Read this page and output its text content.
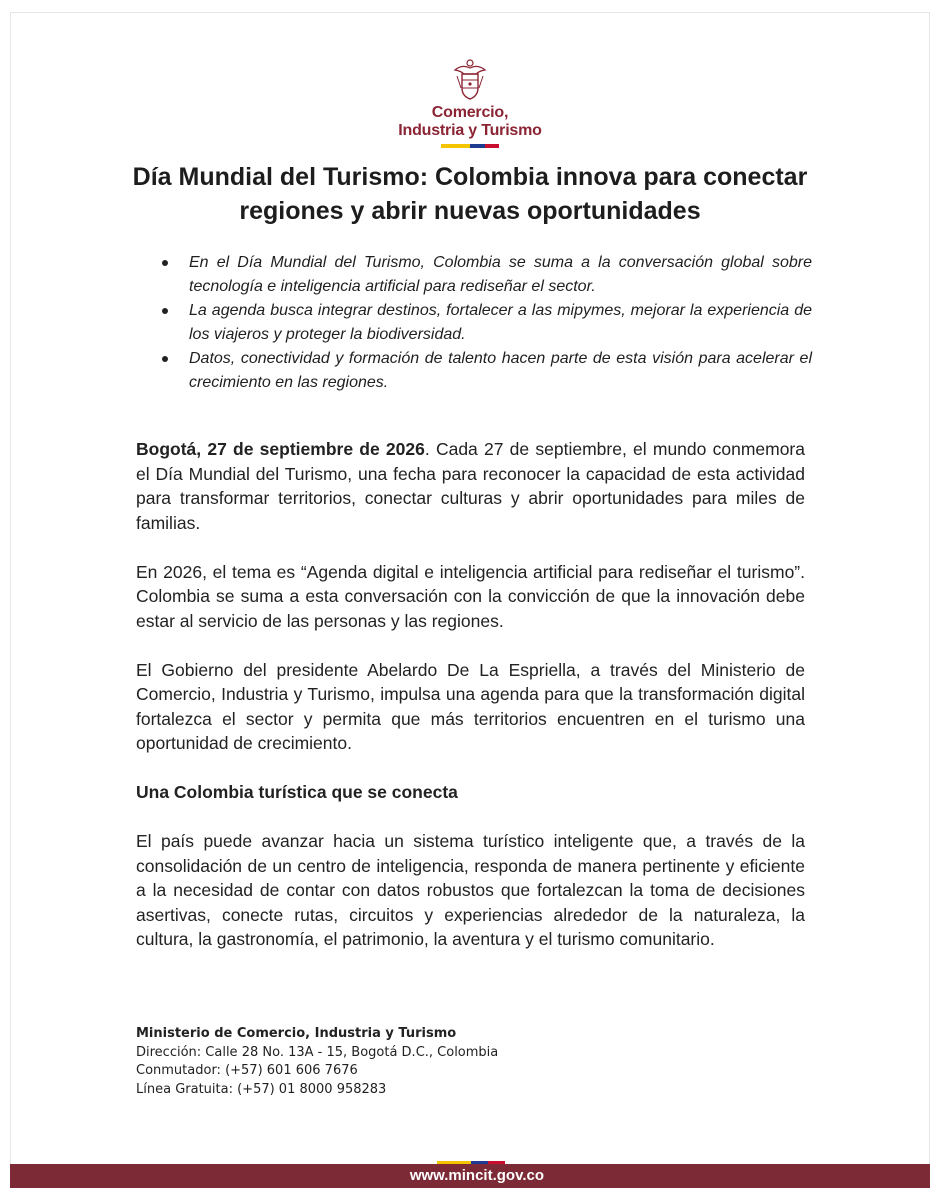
Comercio,
Industria y Turismo
Día Mundial del Turismo: Colombia innova para conectar regiones y abrir nuevas oportunidades
En el Día Mundial del Turismo, Colombia se suma a la conversación global sobre tecnología e inteligencia artificial para rediseñar el sector.
La agenda busca integrar destinos, fortalecer a las mipymes, mejorar la experiencia de los viajeros y proteger la biodiversidad.
Datos, conectividad y formación de talento hacen parte de esta visión para acelerar el crecimiento en las regiones.

Bogotá, 27 de septiembre de 2026. Cada 27 de septiembre, el mundo conmemora el Día Mundial del Turismo, una fecha para reconocer la capacidad de esta actividad para transformar territorios, conectar culturas y abrir oportunidades para miles de familias.

En 2026, el tema es “Agenda digital e inteligencia artificial para rediseñar el turismo”. Colombia se suma a esta conversación con la convicción de que la innovación debe estar al servicio de las personas y las regiones.

El Gobierno del presidente Abelardo De La Espriella, a través del Ministerio de Comercio, Industria y Turismo, impulsa una agenda para que la transformación digital fortalezca el sector y permita que más territorios encuentren en el turismo una oportunidad de crecimiento.

Una Colombia turística que se conecta

El país puede avanzar hacia un sistema turístico inteligente que, a través de la consolidación de un centro de inteligencia, responda de manera pertinente y eficiente a la necesidad de contar con datos robustos que fortalezcan la toma de decisiones asertivas, conecte rutas, circuitos y experiencias alrededor de la naturaleza, la cultura, la gastronomía, el patrimonio, la aventura y el turismo comunitario.

Ministerio de Comercio, Industria y Turismo
Dirección: Calle 28 No. 13A - 15, Bogotá D.C., Colombia
Conmutador: (+57) 601 606 7676
Línea Gratuita: (+57) 01 8000 958283
www.mincit.gov.co
